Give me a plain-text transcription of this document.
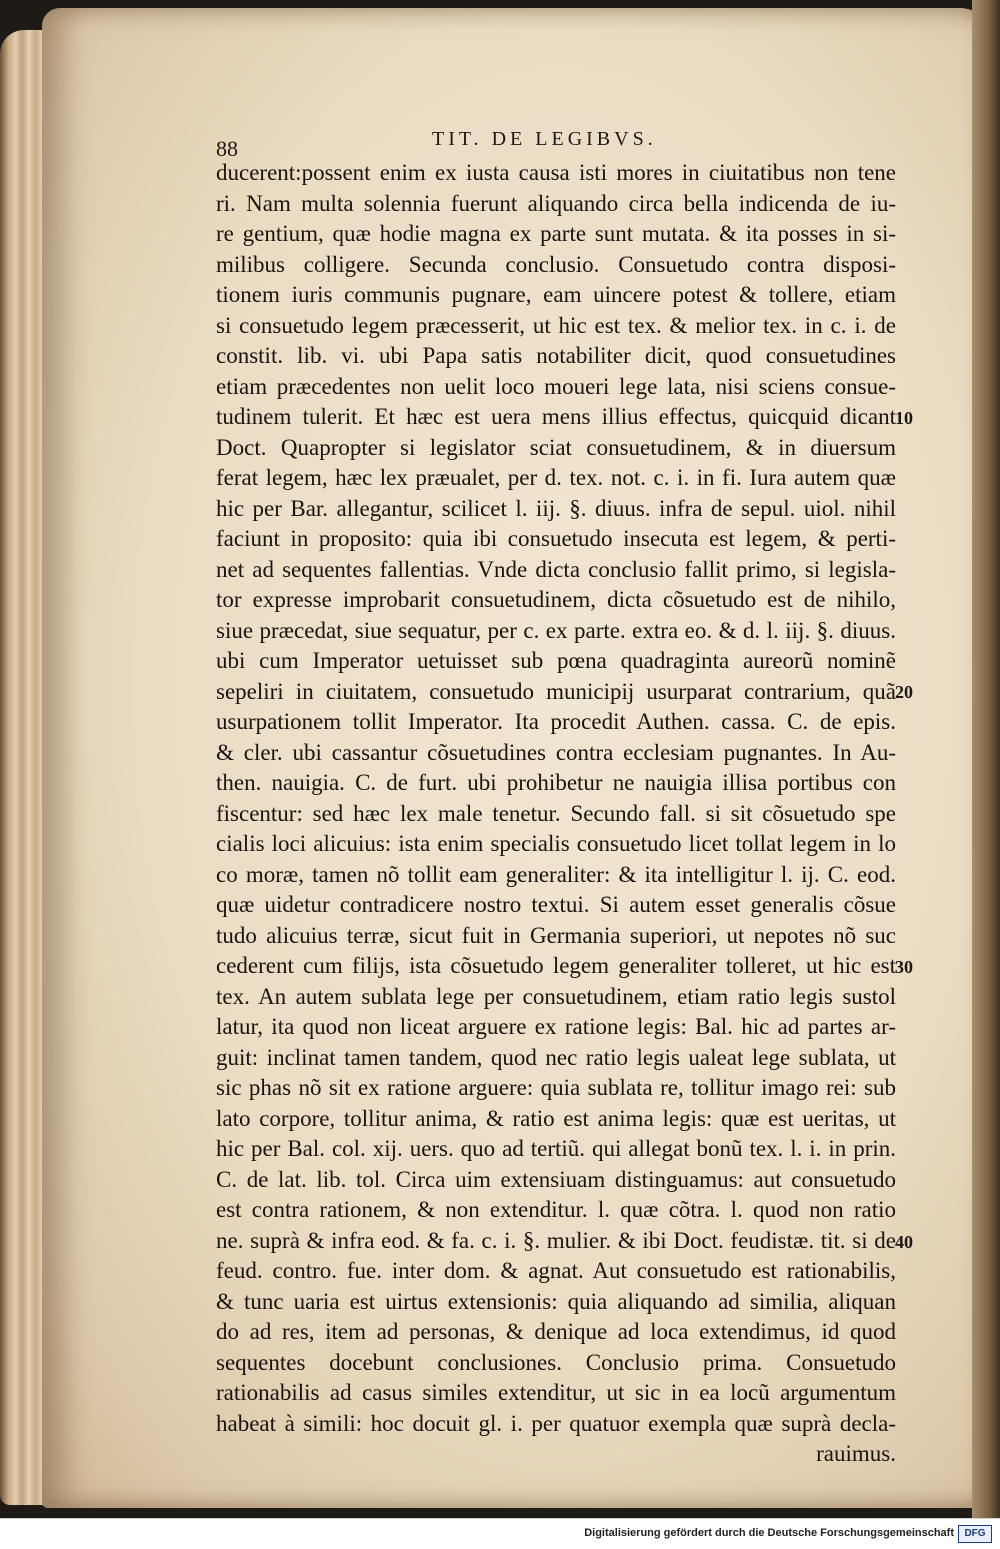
88	TIT. DE LEGIBVS.
ducerent:possent enim ex iusta causa isti mores in ciuitatibus non tene
ri. Nam multa solennia fuerunt aliquando circa bella indicenda de iu-
re gentium, quæ hodie magna ex parte sunt mutata. & ita posses in si-
milibus colligere. Secunda conclusio. Consuetudo contra disposi-
tionem iuris communis pugnare, eam uincere potest & tollere, etiam
si consuetudo legem præcesserit, ut hic est tex. & melior tex. in c. i. de
constit. lib. vi. ubi Papa satis notabiliter dicit, quod consuetudines
etiam præcedentes non uelit loco moueri lege lata, nisi sciens consue-
tudinem tulerit. Et hæc est uera mens illius effectus, quicquid dicant
Doct. Quapropter si legislator sciat consuetudinem, & in diuersum
ferat legem, hæc lex præualet, per d. tex. not. c. i. in fi. Iura autem quæ
hic per Bar. allegantur, scilicet l. iij. §. diuus. infra de sepul. uiol. nihil
faciunt in proposito: quia ibi consuetudo insecuta est legem, & perti-
net ad sequentes fallentias. Vnde dicta conclusio fallit primo, si legisla-
tor expresse improbarit consuetudinem, dicta cõsuetudo est de nihilo,
siue præcedat, siue sequatur, per c. ex parte. extra eo. & d. l. iij. §. diuus.
ubi cum Imperator uetuisset sub pœna quadraginta aureorũ nominẽ
sepeliri in ciuitatem, consuetudo municipij usurparat contrarium, quã
usurpationem tollit Imperator. Ita procedit Authen. cassa. C. de epis.
& cler. ubi cassantur cõsuetudines contra ecclesiam pugnantes. In Au-
then. nauigia. C. de furt. ubi prohibetur ne nauigia illisa portibus con
fiscentur: sed hæc lex male tenetur. Secundo fall. si sit cõsuetudo spe
cialis loci alicuius: ista enim specialis consuetudo licet tollat legem in lo
co moræ, tamen nõ tollit eam generaliter: & ita intelligitur l. ij. C. eod.
quæ uidetur contradicere nostro textui. Si autem esset generalis cõsue
tudo alicuius terræ, sicut fuit in Germania superiori, ut nepotes nõ suc
cederent cum filijs, ista cõsuetudo legem generaliter tolleret, ut hic est
tex. An autem sublata lege per consuetudinem, etiam ratio legis sustol
latur, ita quod non liceat arguere ex ratione legis: Bal. hic ad partes ar-
guit: inclinat tamen tandem, quod nec ratio legis ualeat lege sublata, ut
sic phas nõ sit ex ratione arguere: quia sublata re, tollitur imago rei: sub
lato corpore, tollitur anima, & ratio est anima legis: quæ est ueritas, ut
hic per Bal. col. xij. uers. quo ad tertiũ. qui allegat bonũ tex. l. i. in prin.
C. de lat. lib. tol. Circa uim extensiuam distinguamus: aut consuetudo
est contra rationem, & non extenditur. l. quæ cõtra. l. quod non ratio
ne. suprà & infra eod. & fa. c. i. §. mulier. & ibi Doct. feudistæ. tit. si de
feud. contro. fue. inter dom. & agnat. Aut consuetudo est rationabilis,
& tunc uaria est uirtus extensionis: quia aliquando ad similia, aliquan
do ad res, item ad personas, & denique ad loca extendimus, id quod
sequentes docebunt conclusiones. Conclusio prima. Consuetudo
rationabilis ad casus similes extenditur, ut sic in ea locũ argumentum
habeat à simili: hoc docuit gl. i. per quatuor exempla quæ suprà decla-
rauimus.
10
20
30
40
Digitalisierung gefördert durch die Deutsche Forschungsgemeinschaft	DFG
